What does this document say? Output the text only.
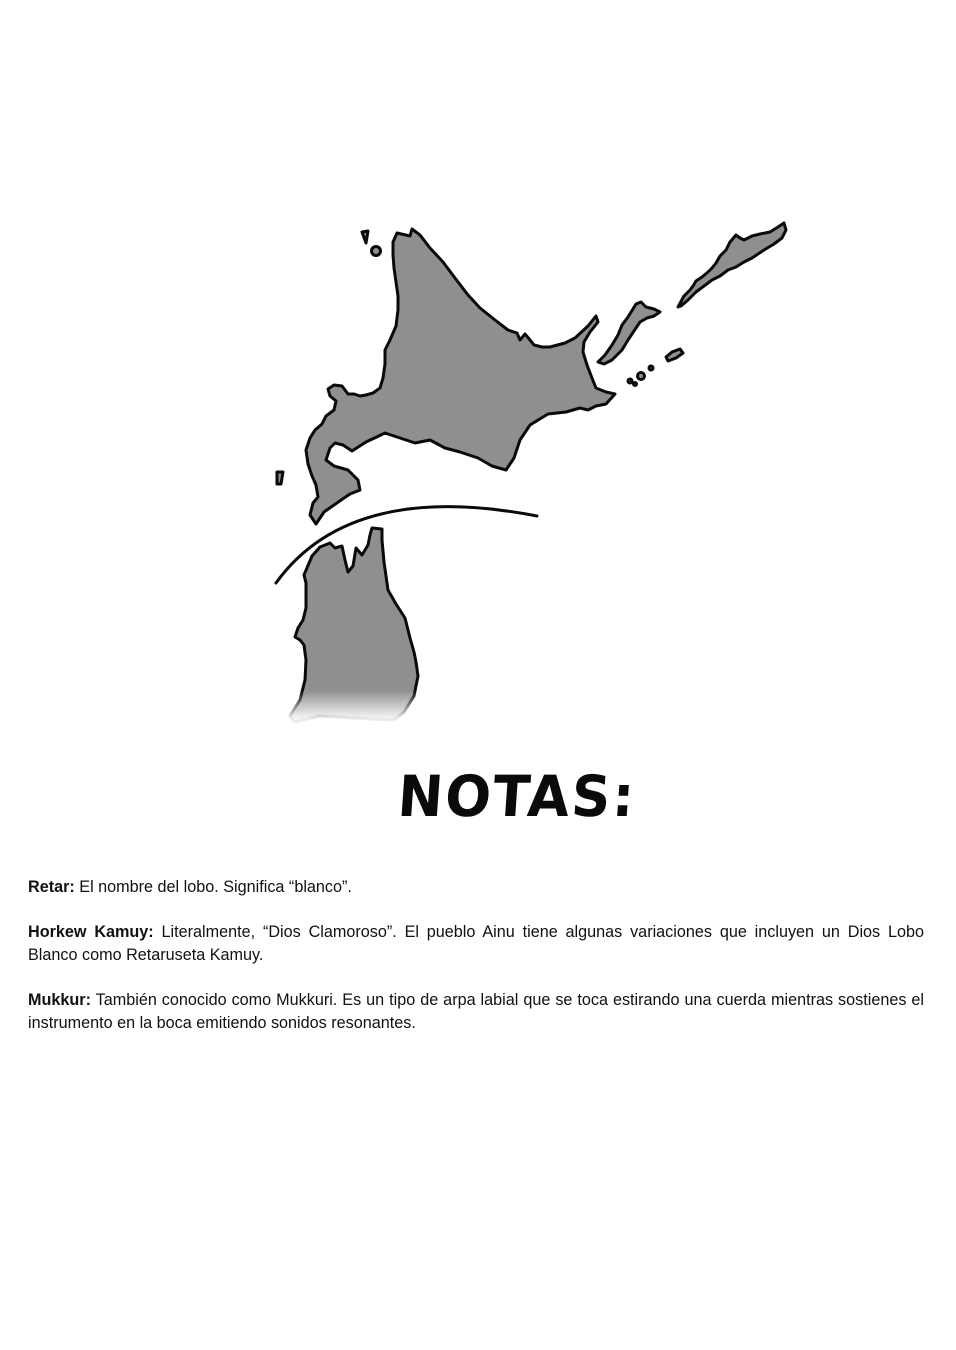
NOTAS:

Retar: El nombre del lobo. Significa “blanco”.

Horkew Kamuy: Literalmente, “Dios Clamoroso”. El pueblo Ainu tiene algunas variaciones que incluyen un Dios Lobo Blanco como Retaruseta Kamuy.

Mukkur: También conocido como Mukkuri. Es un tipo de arpa labial que se toca estirando una cuerda mientras sostienes el instrumento en la boca emitiendo sonidos resonantes.
